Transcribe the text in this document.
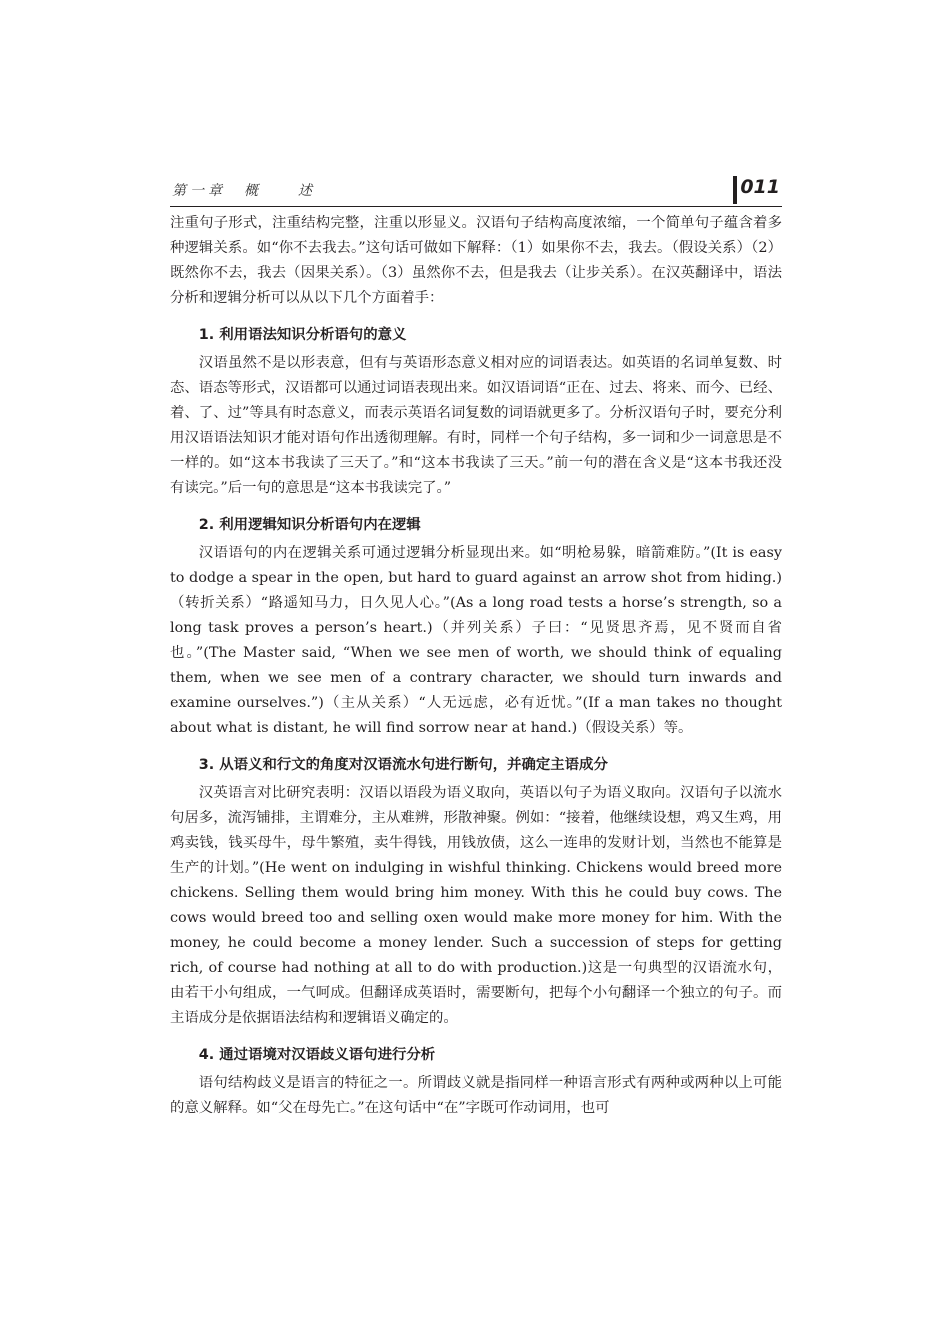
第一章　概　　述	011

注重句子形式，注重结构完整，注重以形显义。汉语句子结构高度浓缩，一个简单句子蕴含着多种逻辑关系。如“你不去我去。”这句话可做如下解释：（1）如果你不去，我去。（假设关系）（2）既然你不去，我去（因果关系）。（3）虽然你不去，但是我去（让步关系）。在汉英翻译中，语法分析和逻辑分析可以从以下几个方面着手：

1. 利用语法知识分析语句的意义

汉语虽然不是以形表意，但有与英语形态意义相对应的词语表达。如英语的名词单复数、时态、语态等形式，汉语都可以通过词语表现出来。如汉语词语“正在、过去、将来、而今、已经、着、了、过”等具有时态意义，而表示英语名词复数的词语就更多了。分析汉语句子时，要充分利用汉语语法知识才能对语句作出透彻理解。有时，同样一个句子结构，多一词和少一词意思是不一样的。如“这本书我读了三天了。”和“这本书我读了三天。”前一句的潜在含义是“这本书我还没有读完。”后一句的意思是“这本书我读完了。”

2. 利用逻辑知识分析语句内在逻辑

汉语语句的内在逻辑关系可通过逻辑分析显现出来。如“明枪易躲，暗箭难防。”(It is easy to dodge a spear in the open, but hard to guard against an arrow shot from hiding.)（转折关系）“路遥知马力，日久见人心。”(As a long road tests a horse’s strength, so a long task proves a person’s heart.)（并列关系）子曰：“见贤思齐焉，见不贤而自省也。”(The Master said, “When we see men of worth, we should think of equaling them, when we see men of a contrary character, we should turn inwards and examine ourselves.”)（主从关系）“人无远虑，必有近忧。”(If a man takes no thought about what is distant, he will find sorrow near at hand.)（假设关系）等。

3. 从语义和行文的角度对汉语流水句进行断句，并确定主语成分

汉英语言对比研究表明：汉语以语段为语义取向，英语以句子为语义取向。汉语句子以流水句居多，流泻铺排，主谓难分，主从难辨，形散神聚。例如：“接着，他继续设想，鸡又生鸡，用鸡卖钱，钱买母牛，母牛繁殖，卖牛得钱，用钱放债，这么一连串的发财计划，当然也不能算是生产的计划。”(He went on indulging in wishful thinking. Chickens would breed more chickens. Selling them would bring him money. With this he could buy cows. The cows would breed too and selling oxen would make more money for him. With the money, he could become a money lender. Such a succession of steps for getting rich, of course had nothing at all to do with production.)这是一句典型的汉语流水句，由若干小句组成，一气呵成。但翻译成英语时，需要断句，把每个小句翻译一个独立的句子。而主语成分是依据语法结构和逻辑语义确定的。

4. 通过语境对汉语歧义语句进行分析

语句结构歧义是语言的特征之一。所谓歧义就是指同样一种语言形式有两种或两种以上可能的意义解释。如“父在母先亡。”在这句话中“在”字既可作动词用，也可
